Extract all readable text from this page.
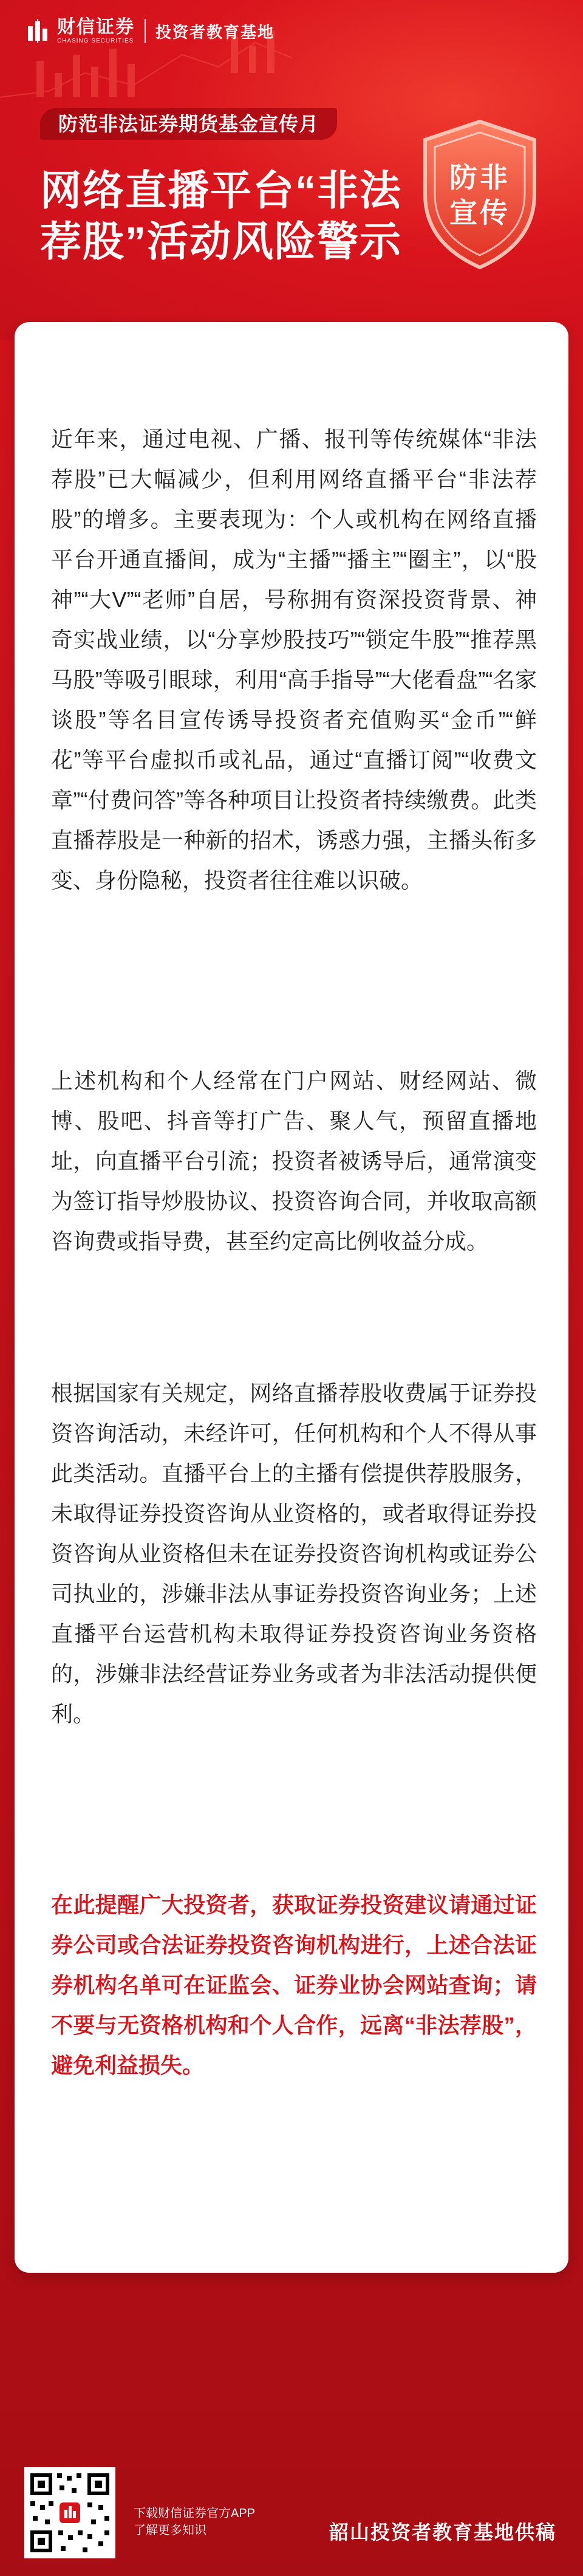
财信证券
CHASING SECURITIES 投资者教育基地
防范非法证券期货基金宣传月
网络直播平台“非法
荐股”活动风险警示
防非
宣传

近年来，通过电视、广播、报刊等传统媒体“非法荐股”已大幅减少，但利用网络直播平台“非法荐股”的增多。主要表现为：个人或机构在网络直播平台开通直播间，成为“主播”“播主”“圈主”，以“股神”“大V”“老师”自居，号称拥有资深投资背景、神奇实战业绩，以“分享炒股技巧”“锁定牛股”“推荐黑马股”等吸引眼球，利用“高手指导”“大佬看盘”“名家谈股”等名目宣传诱导投资者充值购买“金币”“鲜花”等平台虚拟币或礼品，通过“直播订阅”“收费文章”“付费问答”等各种项目让投资者持续缴费。此类直播荐股是一种新的招术，诱惑力强，主播头衔多变、身份隐秘，投资者往往难以识破。

上述机构和个人经常在门户网站、财经网站、微博、股吧、抖音等打广告、聚人气，预留直播地址，向直播平台引流；投资者被诱导后，通常演变为签订指导炒股协议、投资咨询合同，并收取高额咨询费或指导费，甚至约定高比例收益分成。

根据国家有关规定，网络直播荐股收费属于证券投资咨询活动，未经许可，任何机构和个人不得从事此类活动。直播平台上的主播有偿提供荐股服务，未取得证券投资咨询从业资格的，或者取得证券投资咨询从业资格但未在证券投资咨询机构或证券公司执业的，涉嫌非法从事证券投资咨询业务；上述直播平台运营机构未取得证券投资咨询业务资格的，涉嫌非法经营证券业务或者为非法活动提供便利。

在此提醒广大投资者，获取证券投资建议请通过证券公司或合法证券投资咨询机构进行，上述合法证券机构名单可在证监会、证券业协会网站查询；请不要与无资格机构和个人合作，远离“非法荐股”，避免利益损失。

下载财信证券官方APP
了解更多知识	韶山投资者教育基地供稿
